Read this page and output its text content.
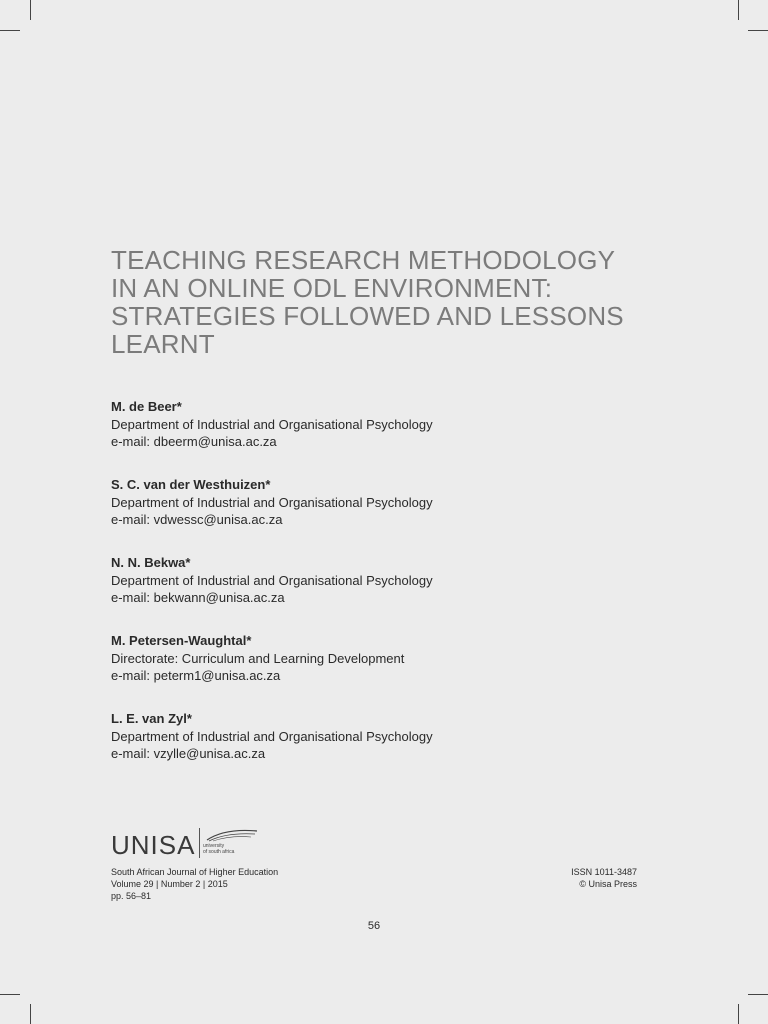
TEACHING RESEARCH METHODOLOGY
IN AN ONLINE ODL ENVIRONMENT:
STRATEGIES FOLLOWED AND LESSONS
LEARNT
M. de Beer*
Department of Industrial and Organisational Psychology
e-mail: dbeerm@unisa.ac.za
S. C. van der Westhuizen*
Department of Industrial and Organisational Psychology
e-mail: vdwessc@unisa.ac.za
N. N. Bekwa*
Department of Industrial and Organisational Psychology
e-mail: bekwann@unisa.ac.za
M. Petersen-Waughtal*
Directorate: Curriculum and Learning Development
e-mail: peterm1@unisa.ac.za
L. E. van Zyl*
Department of Industrial and Organisational Psychology
e-mail: vzylle@unisa.ac.za
UNISA university
of south africa
South African Journal of Higher Education
Volume 29 | Number 2 | 2015
pp. 56–81
ISSN 1011-3487
© Unisa Press
56
